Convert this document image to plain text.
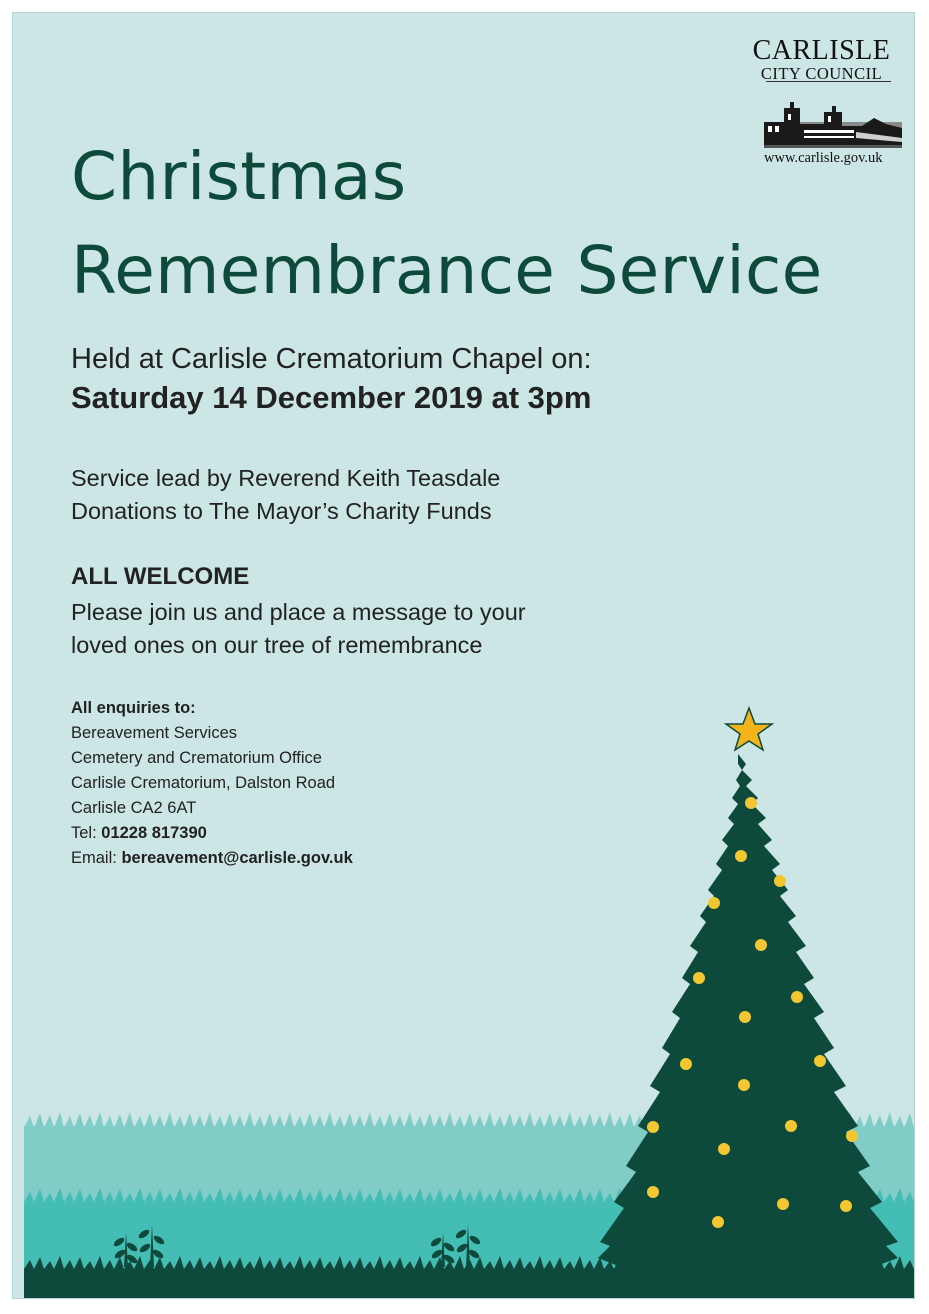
Christmas
Remembrance Service
Held at Carlisle Crematorium Chapel on:
Saturday 14 December 2019 at 3pm
Service lead by Reverend Keith Teasdale
Donations to The Mayor’s Charity Funds
ALL WELCOME
Please join us and place a message to your
loved ones on our tree of remembrance
All enquiries to:
Bereavement Services
Cemetery and Crematorium Office
Carlisle Crematorium, Dalston Road
Carlisle CA2 6AT
Tel: 01228 817390
Email: bereavement@carlisle.gov.uk
CARLISLE
CITY COUNCIL
www.carlisle.gov.uk
